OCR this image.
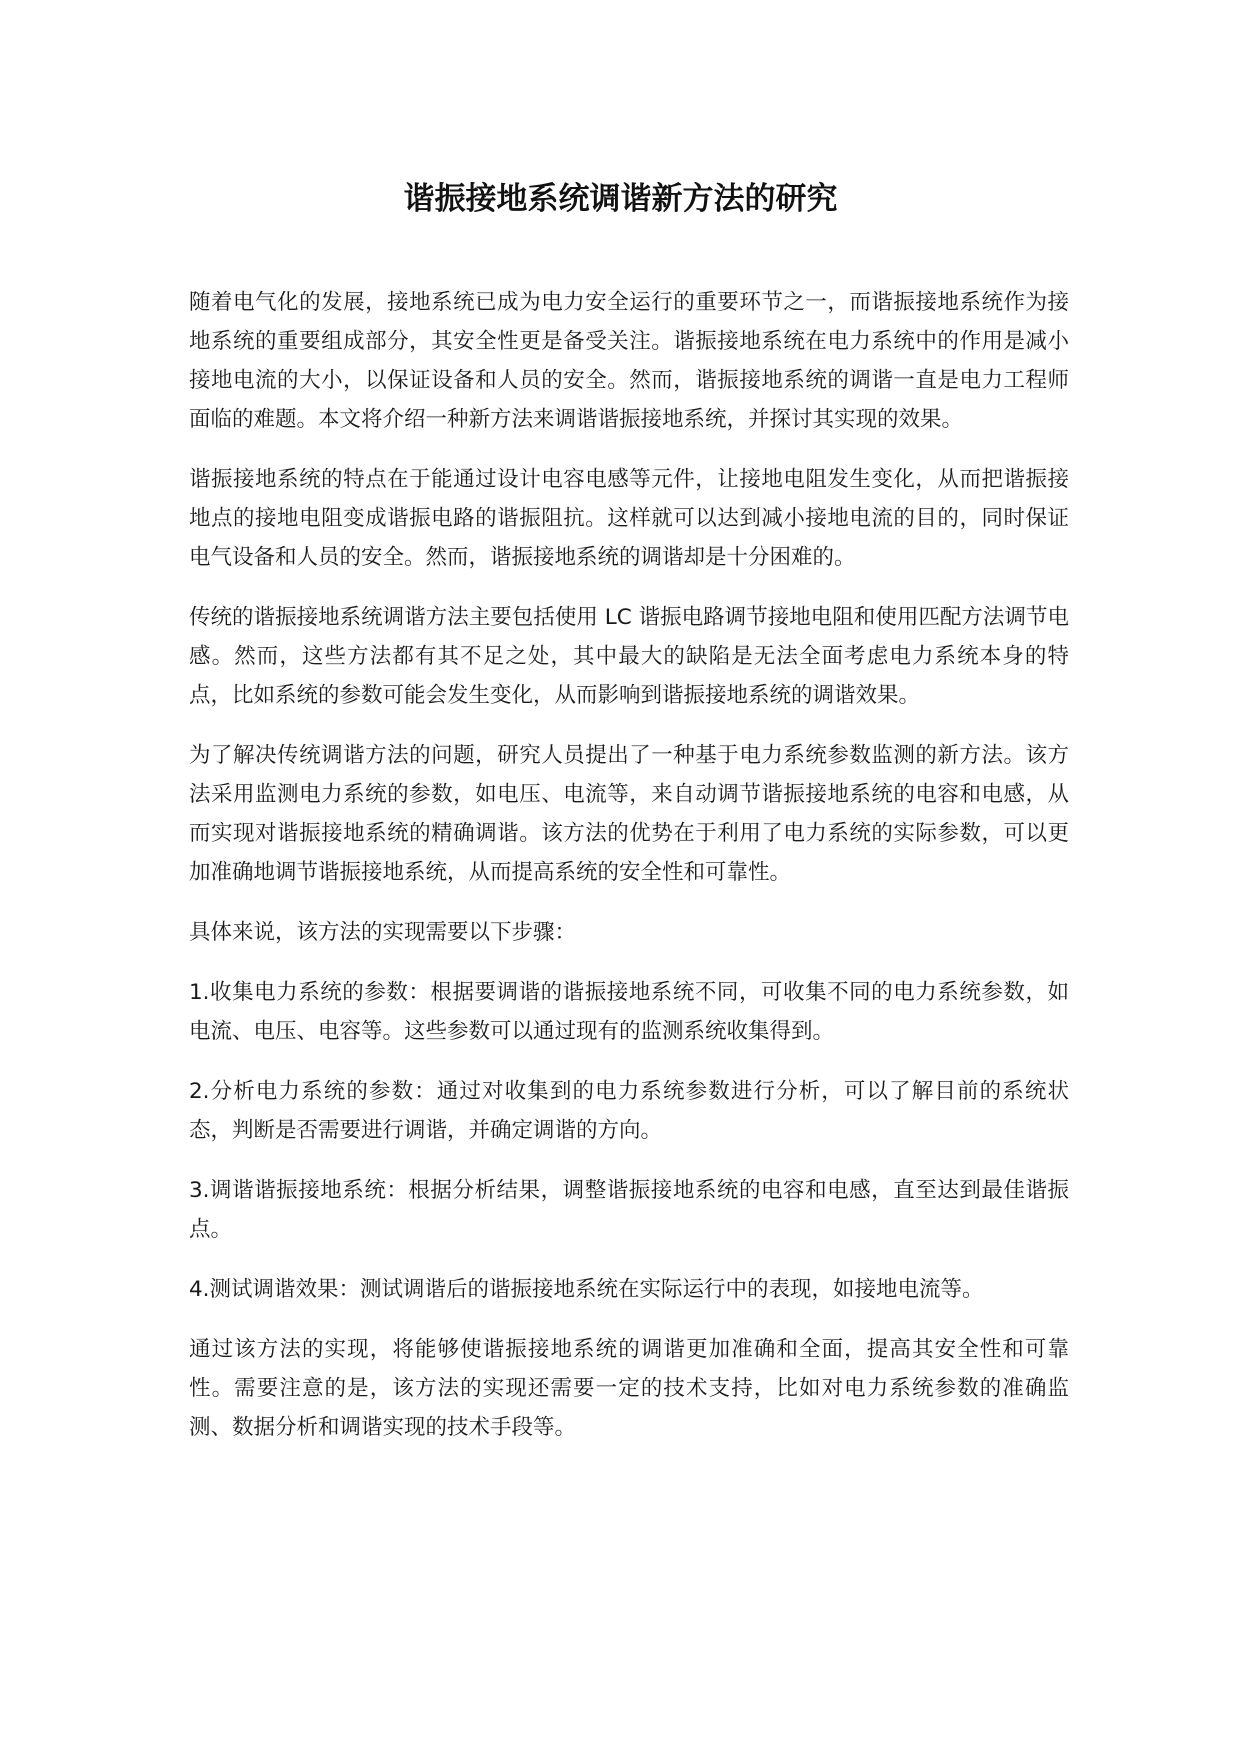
谐振接地系统调谐新方法的研究

随着电气化的发展，接地系统已成为电力安全运行的重要环节之一，而谐振接地系统作为接地系统的重要组成部分，其安全性更是备受关注。谐振接地系统在电力系统中的作用是减小接地电流的大小，以保证设备和人员的安全。然而，谐振接地系统的调谐一直是电力工程师面临的难题。本文将介绍一种新方法来调谐谐振接地系统，并探讨其实现的效果。

谐振接地系统的特点在于能通过设计电容电感等元件，让接地电阻发生变化，从而把谐振接地点的接地电阻变成谐振电路的谐振阻抗。这样就可以达到减小接地电流的目的，同时保证电气设备和人员的安全。然而，谐振接地系统的调谐却是十分困难的。

传统的谐振接地系统调谐方法主要包括使用 LC 谐振电路调节接地电阻和使用匹配方法调节电感。然而，这些方法都有其不足之处，其中最大的缺陷是无法全面考虑电力系统本身的特点，比如系统的参数可能会发生变化，从而影响到谐振接地系统的调谐效果。

为了解决传统调谐方法的问题，研究人员提出了一种基于电力系统参数监测的新方法。该方法采用监测电力系统的参数，如电压、电流等，来自动调节谐振接地系统的电容和电感，从而实现对谐振接地系统的精确调谐。该方法的优势在于利用了电力系统的实际参数，可以更加准确地调节谐振接地系统，从而提高系统的安全性和可靠性。

具体来说，该方法的实现需要以下步骤：

1.收集电力系统的参数：根据要调谐的谐振接地系统不同，可收集不同的电力系统参数，如电流、电压、电容等。这些参数可以通过现有的监测系统收集得到。

2.分析电力系统的参数：通过对收集到的电力系统参数进行分析，可以了解目前的系统状态，判断是否需要进行调谐，并确定调谐的方向。

3.调谐谐振接地系统：根据分析结果，调整谐振接地系统的电容和电感，直至达到最佳谐振点。

4.测试调谐效果：测试调谐后的谐振接地系统在实际运行中的表现，如接地电流等。

通过该方法的实现，将能够使谐振接地系统的调谐更加准确和全面，提高其安全性和可靠性。需要注意的是，该方法的实现还需要一定的技术支持，比如对电力系统参数的准确监测、数据分析和调谐实现的技术手段等。
